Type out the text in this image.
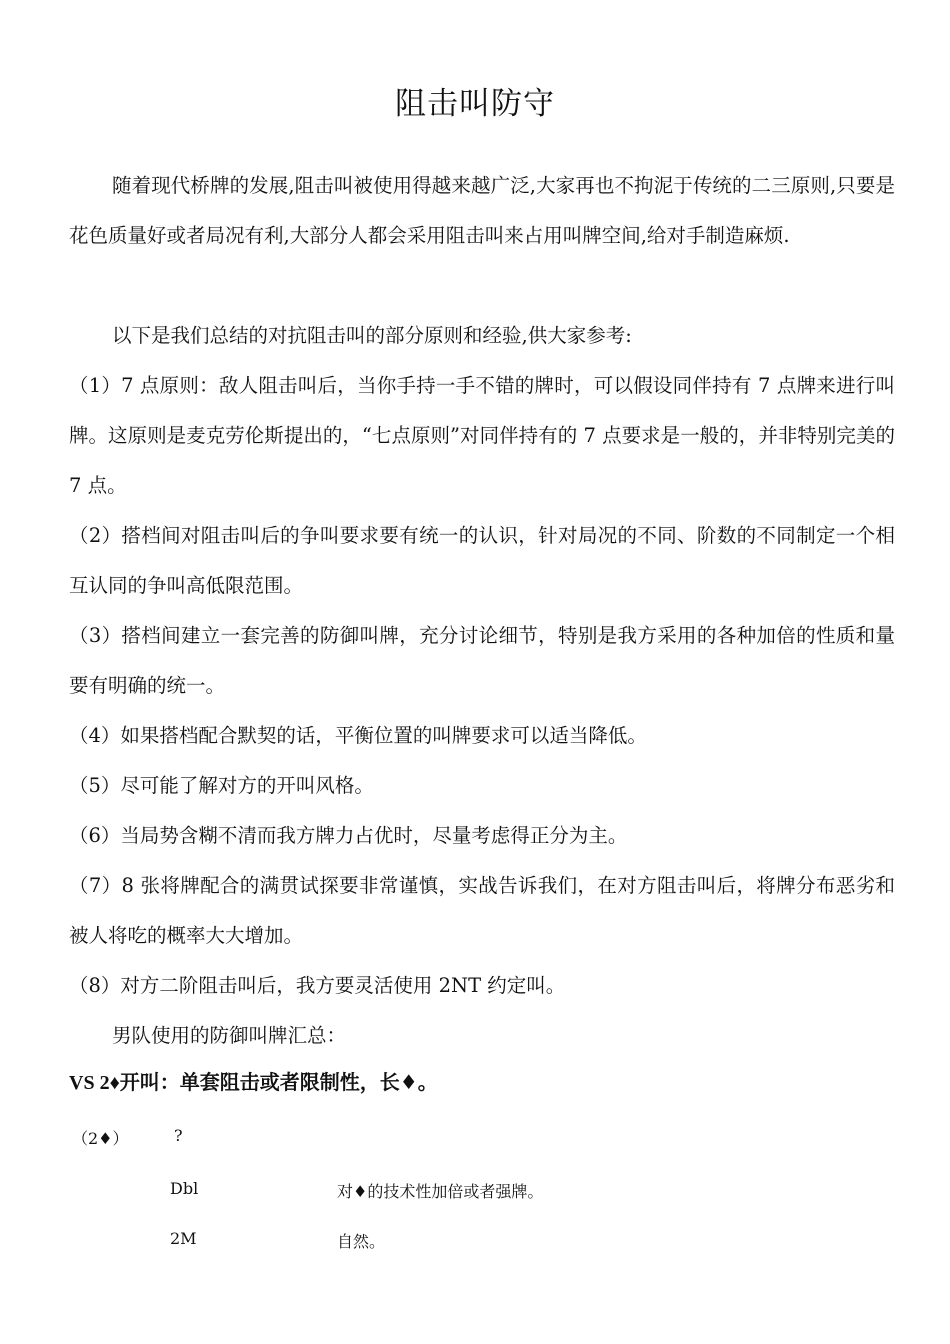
阻击叫防守
随着现代桥牌的发展,阻击叫被使用得越来越广泛,大家再也不拘泥于传统的二三原则,只要是花色质量好或者局况有利,大部分人都会采用阻击叫来占用叫牌空间,给对手制造麻烦.
以下是我们总结的对抗阻击叫的部分原则和经验,供大家参考:
（1）7 点原则：敌人阻击叫后，当你手持一手不错的牌时，可以假设同伴持有 7 点牌来进行叫牌。这原则是麦克劳伦斯提出的，“七点原则”对同伴持有的 7 点要求是一般的，并非特别完美的 7 点。
（2）搭档间对阻击叫后的争叫要求要有统一的认识，针对局况的不同、阶数的不同制定一个相互认同的争叫高低限范围。
（3）搭档间建立一套完善的防御叫牌，充分讨论细节，特别是我方采用的各种加倍的性质和量要有明确的统一。
（4）如果搭档配合默契的话，平衡位置的叫牌要求可以适当降低。
（5）尽可能了解对方的开叫风格。
（6）当局势含糊不清而我方牌力占优时，尽量考虑得正分为主。
（7）8 张将牌配合的满贯试探要非常谨慎，实战告诉我们，在对方阻击叫后，将牌分布恶劣和被人将吃的概率大大增加。
（8）对方二阶阻击叫后，我方要灵活使用 2NT 约定叫。
男队使用的防御叫牌汇总：
VS 2♦开叫：单套阻击或者限制性，长♦。
（2♦）	?
Dbl	对♦的技术性加倍或者强牌。
2M	自然。
